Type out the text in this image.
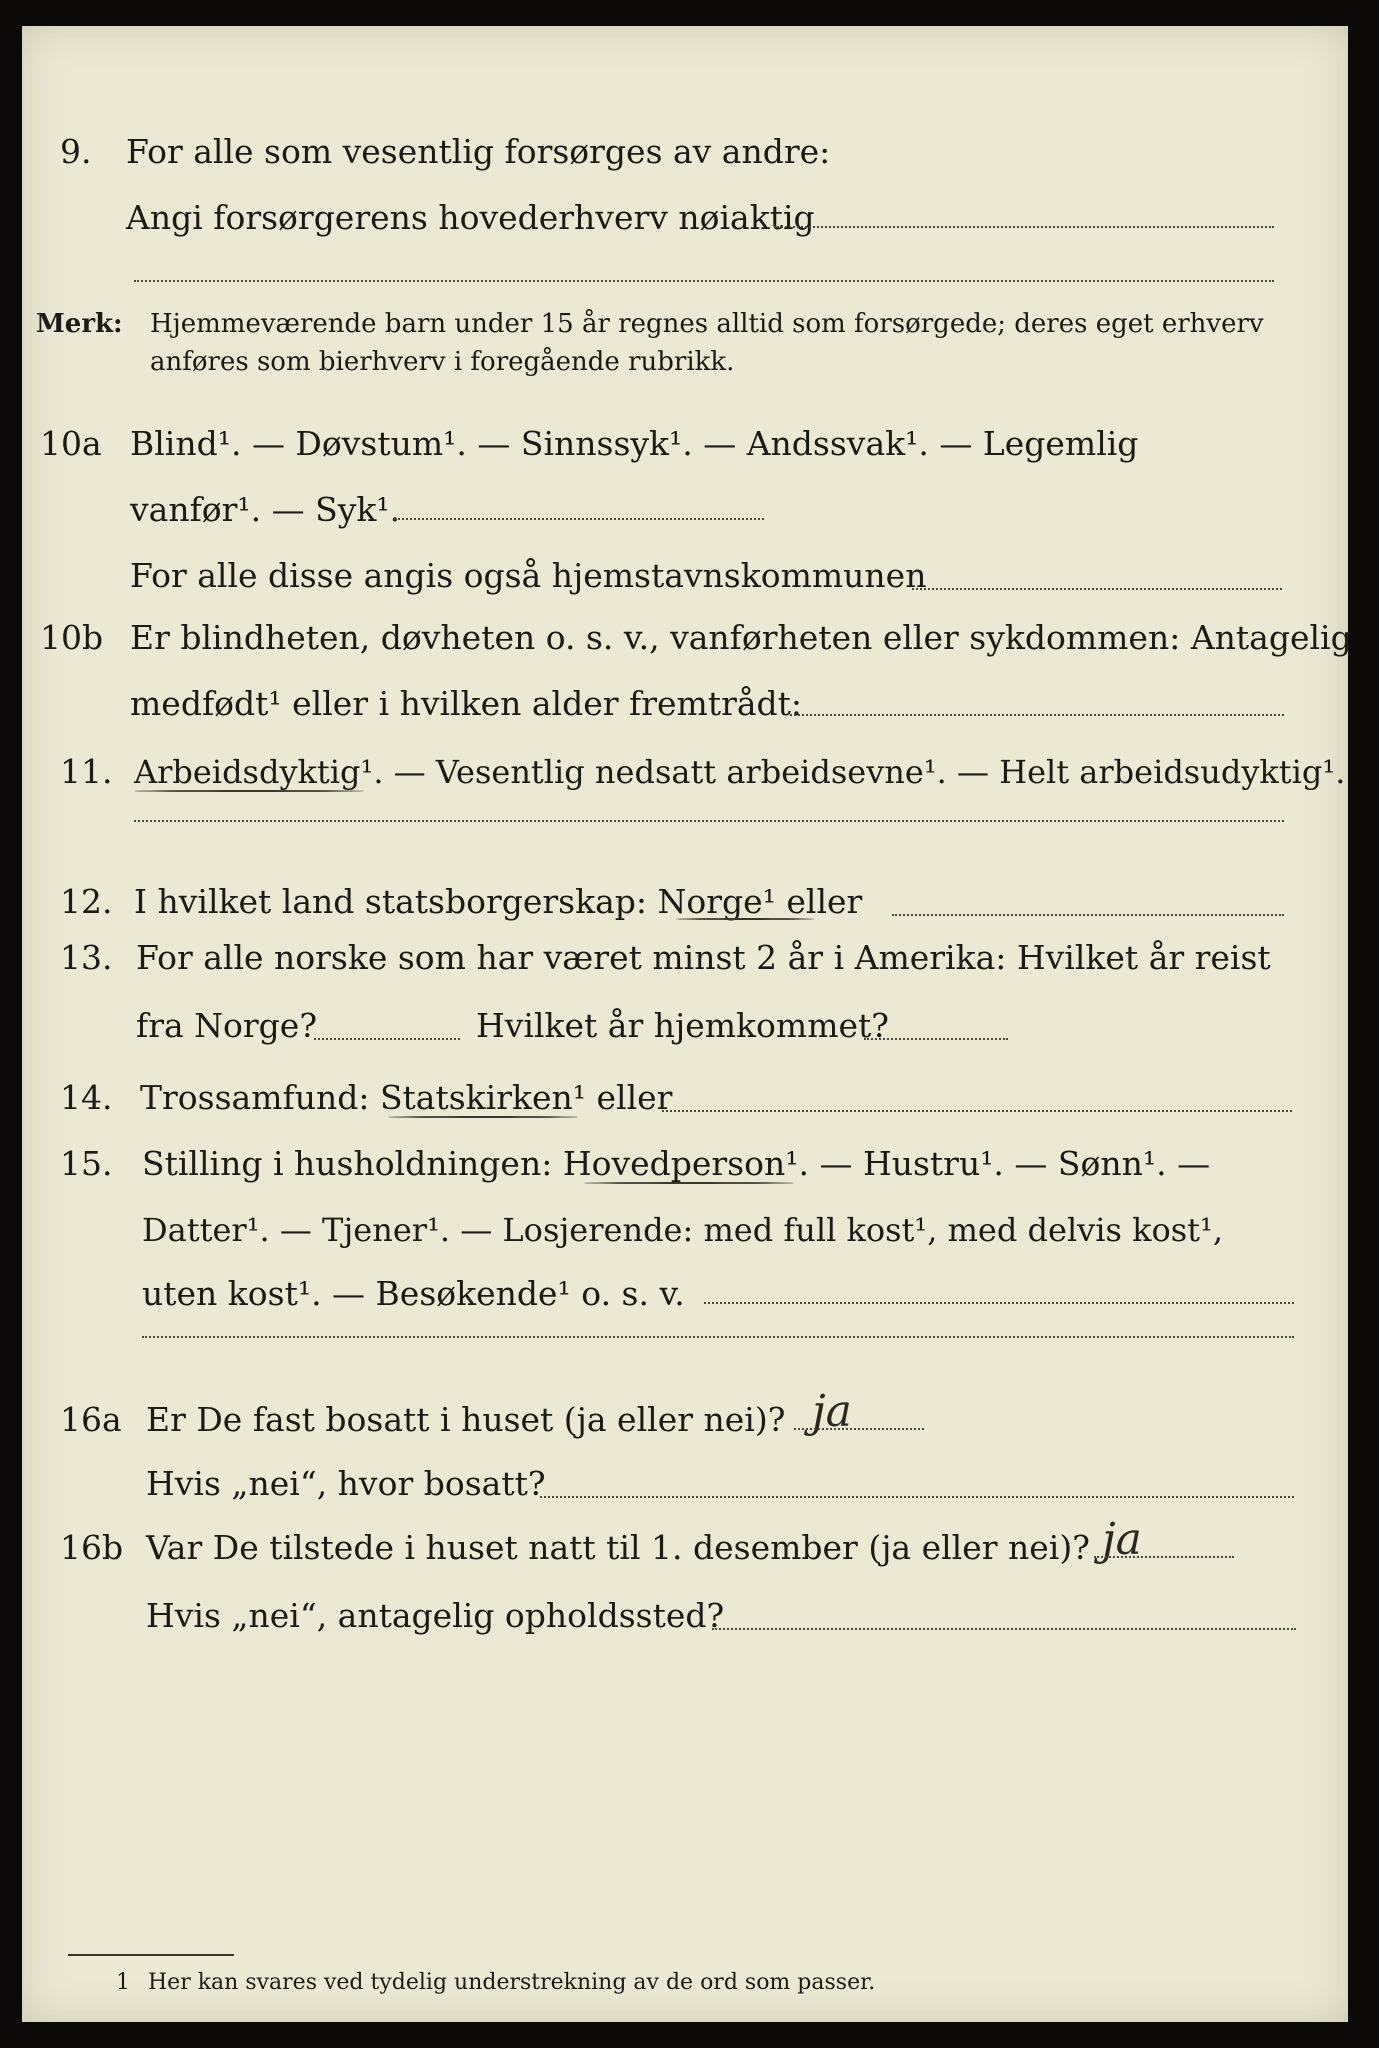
9. For alle som vesentlig forsørges av andre:
Angi forsørgerens hovederhverv nøiaktig
Merk: Hjemmeværende barn under 15 år regnes alltid som forsørgede; deres eget erhverv
anføres som bierhverv i foregående rubrikk.
10a Blind¹. — Døvstum¹. — Sinnssyk¹. — Andssvak¹. — Legemlig
vanfør¹. — Syk¹.
For alle disse angis også hjemstavnskommunen
10b Er blindheten, døvheten o. s. v., vanførheten eller sykdommen: Antagelig
medfødt¹ eller i hvilken alder fremtrådt:
11. Arbeidsdyktig¹. — Vesentlig nedsatt arbeidsevne¹. — Helt arbeidsudyktig¹.
12. I hvilket land statsborgerskap: Norge¹ eller
13. For alle norske som har været minst 2 år i Amerika: Hvilket år reist
fra Norge?	Hvilket år hjemkommet?
14. Trossamfund: Statskirken¹ eller
15. Stilling i husholdningen: Hovedperson¹. — Hustru¹. — Sønn¹. —
Datter¹. — Tjener¹. — Losjerende: med full kost¹, med delvis kost¹,
uten kost¹. — Besøkende¹ o. s. v.
16a Er De fast bosatt i huset (ja eller nei)? ja
Hvis „nei“, hvor bosatt?
16b Var De tilstede i huset natt til 1. desember (ja eller nei)? ja
Hvis „nei“, antagelig opholdssted?
1 Her kan svares ved tydelig understrekning av de ord som passer.
